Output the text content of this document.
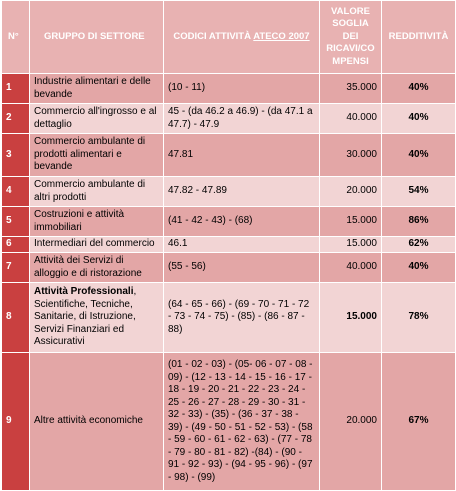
N°	GRUPPO DI SETTORE	CODICI ATTIVITÀ ATECO 2007	VALORE SOGLIA DEI RICAVI/CO MPENSI	REDDITIVITÀ
1	Industrie alimentari e delle bevande	(10 - 11)	35.000	40%
2	Commercio all'ingrosso e al dettaglio	45 - (da 46.2 a 46.9) - (da 47.1 a 47.7) - 47.9	40.000	40%
3	Commercio ambulante di prodotti alimentari e bevande	47.81	30.000	40%
4	Commercio ambulante di altri prodotti	47.82 - 47.89	20.000	54%
5	Costruzioni e attività immobiliari	(41 - 42 - 43) - (68)	15.000	86%
6	Intermediari del commercio	46.1	15.000	62%
7	Attività dei Servizi di alloggio e di ristorazione	(55 - 56)	40.000	40%
8	Attività Professionali, Scientifiche, Tecniche, Sanitarie, di Istruzione, Servizi Finanziari ed Assicurativi	(64 - 65 - 66) - (69 - 70 - 71 - 72 - 73 - 74 - 75) - (85) - (86 - 87 - 88)	15.000	78%
9	Altre attività economiche	(01 - 02 - 03) - (05- 06 - 07 - 08 - 09) - (12 - 13 - 14 - 15 - 16 - 17 - 18 - 19 - 20 - 21 - 22 - 23 - 24 - 25 - 26 - 27 - 28 - 29 - 30 - 31 - 32 - 33) - (35) - (36 - 37 - 38 - 39) - (49 - 50 - 51 - 52 - 53) - (58 - 59 - 60 - 61 - 62 - 63) - (77 - 78 - 79 - 80 - 81 - 82) -(84) - (90 - 91 - 92 - 93) - (94 - 95 - 96) - (97 - 98) - (99)	20.000	67%
